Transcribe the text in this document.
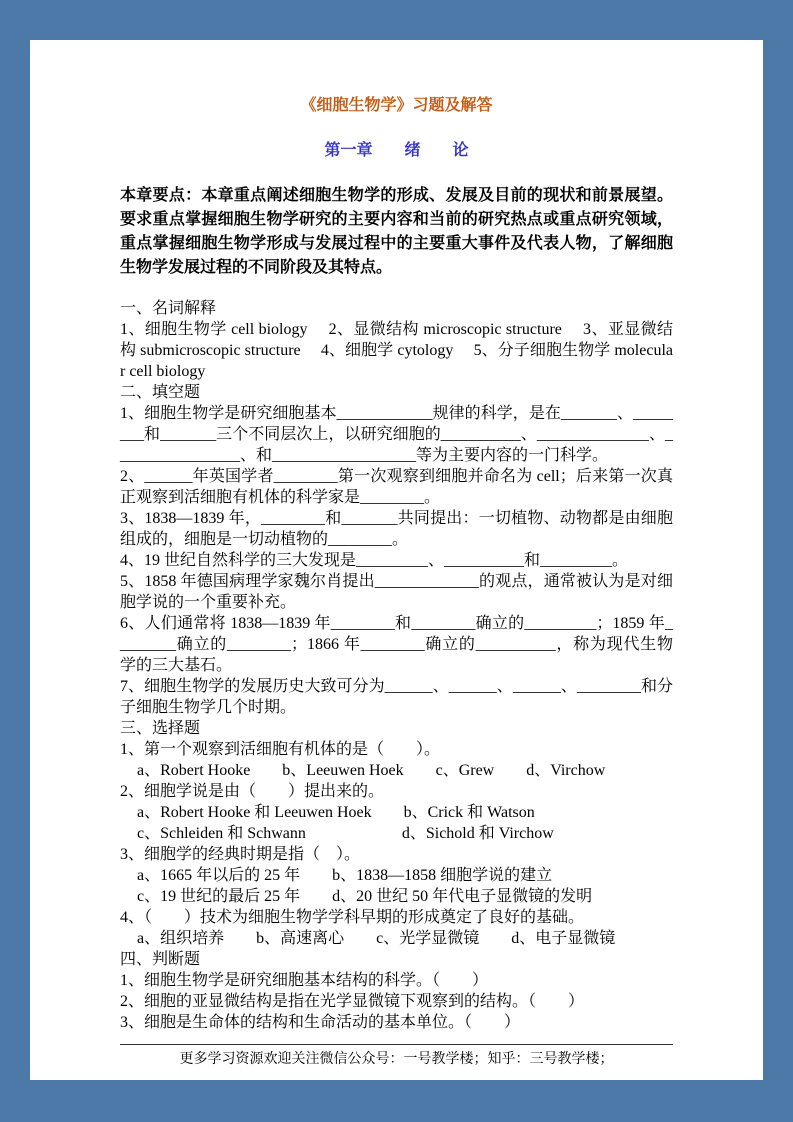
《细胞生物学》习题及解答
第一章　　绪　　论

本章要点：本章重点阐述细胞生物学的形成、发展及目前的现状和前景展望。要求重点掌握细胞生物学研究的主要内容和当前的研究热点或重点研究领域，重点掌握细胞生物学形成与发展过程中的主要重大事件及代表人物，了解细胞生物学发展过程的不同阶段及其特点。

一、名词解释

1、细胞生物学 cell biology　 2、显微结构 microscopic structure　 3、亚显微结构 submicroscopic structure　 4、细胞学 cytology　 5、分子细胞生物学 molecular cell biology

二、填空题

1、细胞生物学是研究细胞基本____________规律的科学，是在_______、________和_______三个不同层次上，以研究细胞的__________、______________、________________、和__________________等为主要内容的一门科学。

2、______年英国学者________第一次观察到细胞并命名为 cell；后来第一次真正观察到活细胞有机体的科学家是________。

3、1838—1839 年，________和_______共同提出：一切植物、动物都是由细胞组成的，细胞是一切动植物的________。

4、19 世纪自然科学的三大发现是_________、__________和_________。

5、1858 年德国病理学家魏尔肖提出_____________的观点，通常被认为是对细胞学说的一个重要补充。

6、人们通常将 1838—1839 年________和________确立的_________；1859 年________确立的________；1866 年________确立的__________，称为现代生物学的三大基石。

7、细胞生物学的发展历史大致可分为______、______、______、________和分子细胞生物学几个时期。

三、选择题

1、第一个观察到活细胞有机体的是（　　）。

a、Robert Hooke　　b、Leeuwen Hoek　　c、Grew　　d、Virchow

2、细胞学说是由（　　）提出来的。

a、Robert Hooke 和 Leeuwen Hoek　　b、Crick 和 Watson

c、Schleiden 和 Schwann　　　　　　d、Sichold 和 Virchow

3、细胞学的经典时期是指（　）。

a、1665 年以后的 25 年　　b、1838—1858 细胞学说的建立

c、19 世纪的最后 25 年　　d、20 世纪 50 年代电子显微镜的发明

4、（　　）技术为细胞生物学学科早期的形成奠定了良好的基础。

a、组织培养　　b、高速离心　　c、光学显微镜　　d、电子显微镜

四、判断题

1、细胞生物学是研究细胞基本结构的科学。（　　）

2、细胞的亚显微结构是指在光学显微镜下观察到的结构。（　　）

3、细胞是生命体的结构和生命活动的基本单位。（　　）

更多学习资源欢迎关注微信公众号：一号教学楼；知乎：三号教学楼；
